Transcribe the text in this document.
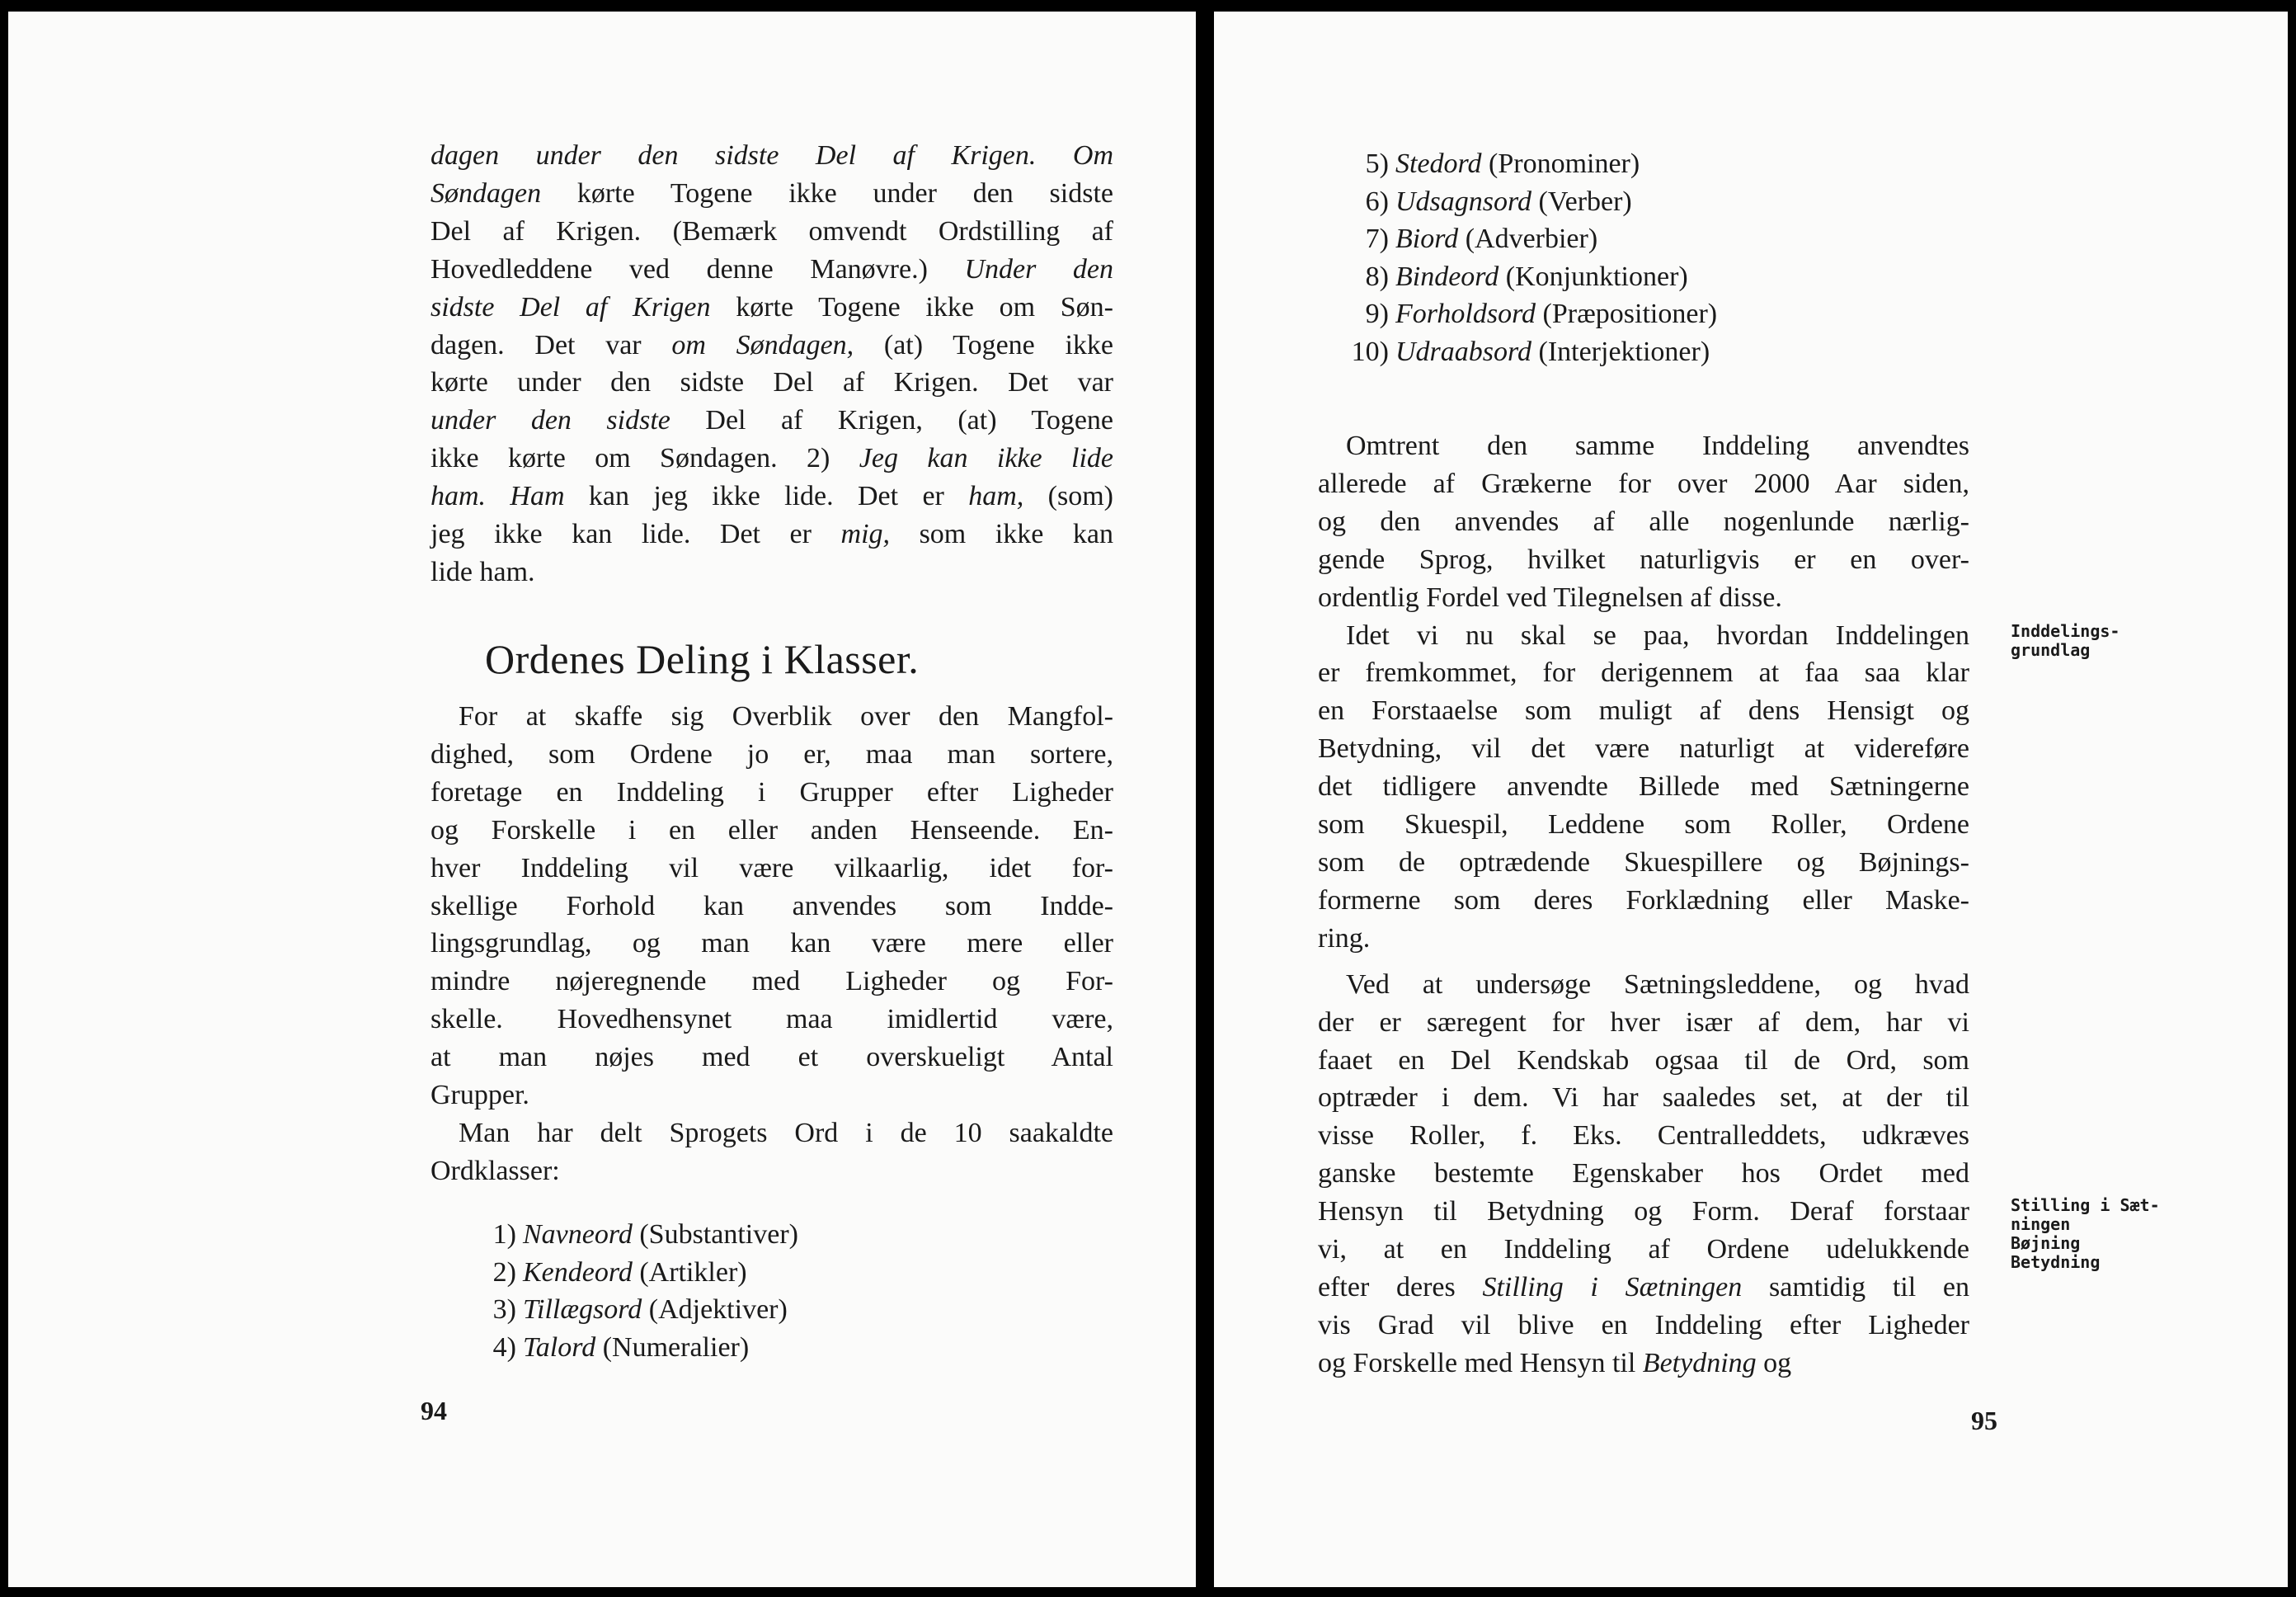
dagen under den sidste Del af Krigen. Om
Søndagen kørte Togene ikke under den sidste
Del af Krigen. (Bemærk omvendt Ordstilling af
Hovedleddene ved denne Manøvre.) Under den
sidste Del af Krigen kørte Togene ikke om Søn-
dagen. Det var om Søndagen, (at) Togene ikke
kørte under den sidste Del af Krigen. Det var
under den sidste Del af Krigen, (at) Togene
ikke kørte om Søndagen. 2) Jeg kan ikke lide
ham. Ham kan jeg ikke lide. Det er ham, (som)
jeg ikke kan lide. Det er mig, som ikke kan
lide ham.

Ordenes Deling i Klasser.

For at skaffe sig Overblik over den Mangfol-
dighed, som Ordene jo er, maa man sortere,
foretage en Inddeling i Grupper efter Ligheder
og Forskelle i en eller anden Henseende. En-
hver Inddeling vil være vilkaarlig, idet for-
skellige Forhold kan anvendes som Indde-
lingsgrundlag, og man kan være mere eller
mindre nøjeregnende med Ligheder og For-
skelle. Hovedhensynet maa imidlertid være,
at man nøjes med et overskueligt Antal
Grupper.

Man har delt Sprogets Ord i de 10 saakaldte
Ordklasser:

1) Navneord (Substantiver)
2) Kendeord (Artikler)
3) Tillægsord (Adjektiver)
4) Talord (Numeralier)
94
5) Stedord (Pronominer)
6) Udsagnsord (Verber)
7) Biord (Adverbier)
8) Bindeord (Konjunktioner)
9) Forholdsord (Præpositioner)
10) Udraabsord (Interjektioner)

Omtrent den samme Inddeling anvendtes
allerede af Grækerne for over 2000 Aar siden,
og den anvendes af alle nogenlunde nærlig-
gende Sprog, hvilket naturligvis er en over-
ordentlig Fordel ved Tilegnelsen af disse.

Idet vi nu skal se paa, hvordan Inddelingen
er fremkommet, for derigennem at faa saa klar
en Forstaaelse som muligt af dens Hensigt og
Betydning, vil det være naturligt at videreføre
det tidligere anvendte Billede med Sætningerne
som Skuespil, Leddene som Roller, Ordene
som de optrædende Skuespillere og Bøjnings-
formerne som deres Forklædning eller Maske-
ring.

Ved at undersøge Sætningsleddene, og hvad
der er særegent for hver især af dem, har vi
faaet en Del Kendskab ogsaa til de Ord, som
optræder i dem. Vi har saaledes set, at der til
visse Roller, f. Eks. Centralleddets, udkræves
ganske bestemte Egenskaber hos Ordet med
Hensyn til Betydning og Form. Deraf forstaar
vi, at en Inddeling af Ordene udelukkende
efter deres Stilling i Sætningen samtidig til en
vis Grad vil blive en Inddeling efter Ligheder
og Forskelle med Hensyn til Betydning og

Inddelings-
grundlag
Stilling i Sæt-
ningen
Bøjning
Betydning
95
